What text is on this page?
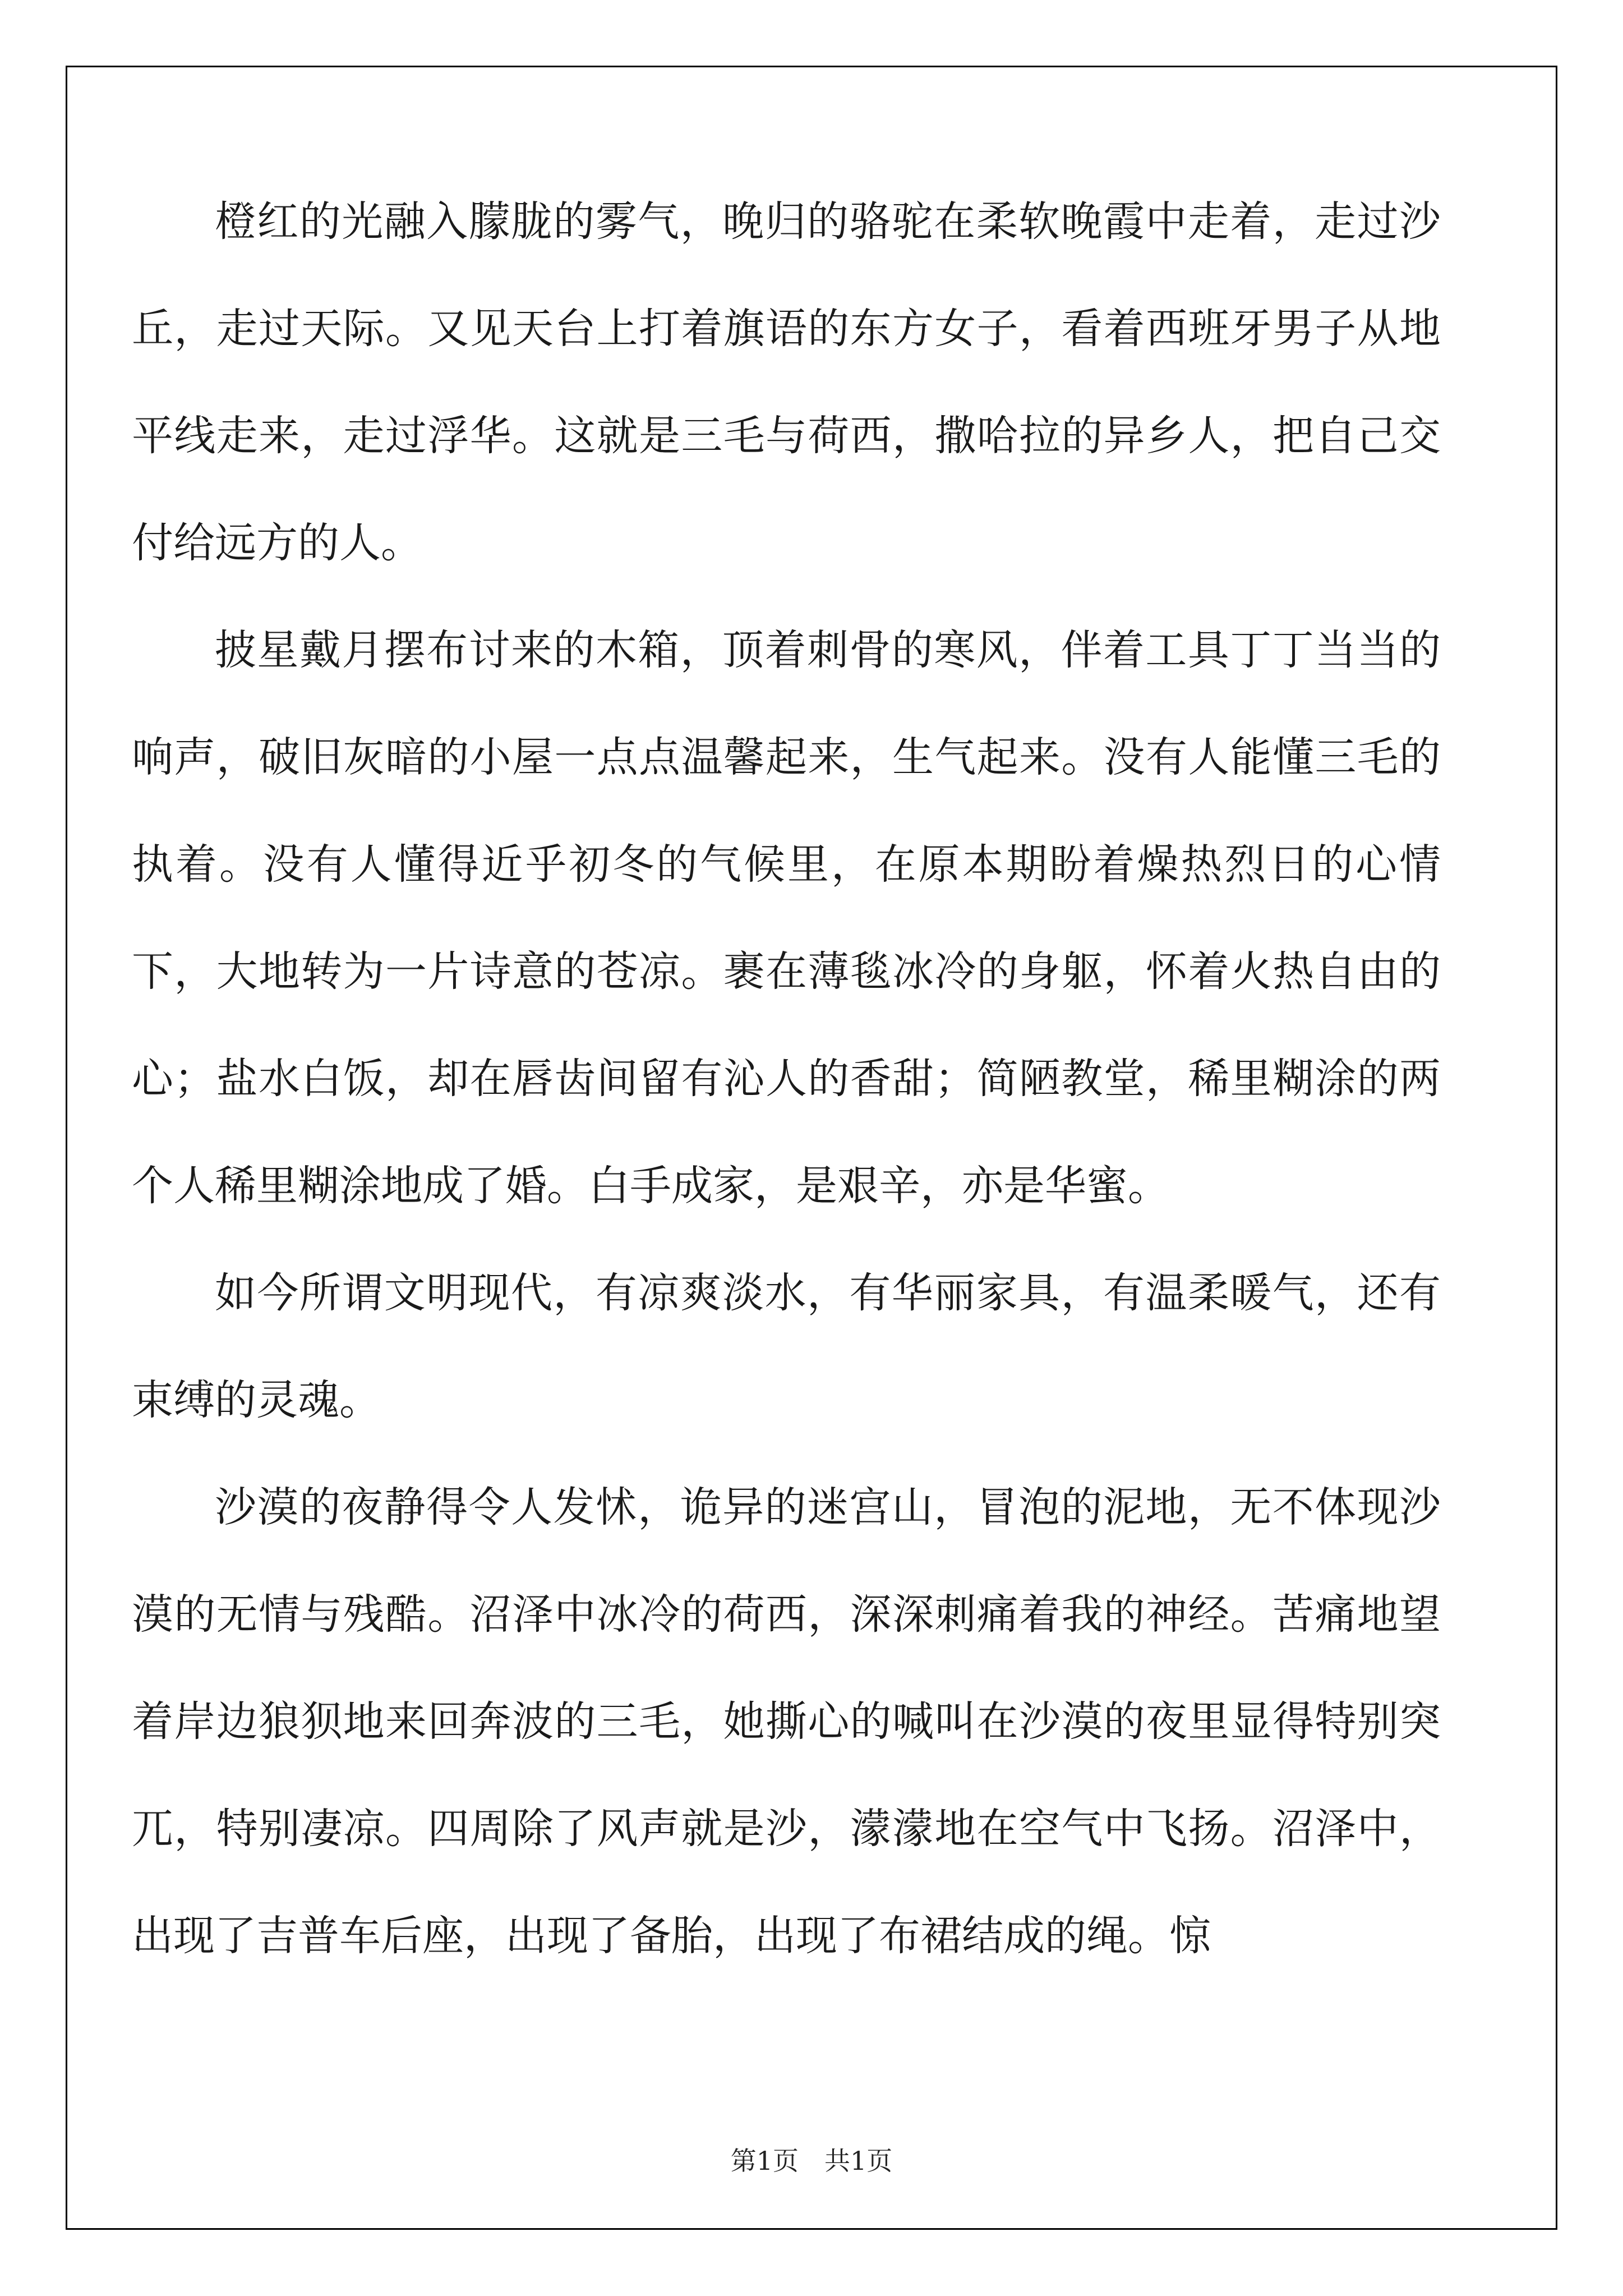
橙红的光融入朦胧的雾气，晚归的骆驼在柔软晚霞中走着，走过沙丘，走过天际。又见天台上打着旗语的东方女子，看着西班牙男子从地平线走来，走过浮华。这就是三毛与荷西，撒哈拉的异乡人，把自己交付给远方的人。

披星戴月摆布讨来的木箱，顶着刺骨的寒风，伴着工具丁丁当当的响声，破旧灰暗的小屋一点点温馨起来，生气起来。没有人能懂三毛的执着。没有人懂得近乎初冬的气候里，在原本期盼着燥热烈日的心情下，大地转为一片诗意的苍凉。裹在薄毯冰冷的身躯，怀着火热自由的心；盐水白饭，却在唇齿间留有沁人的香甜；简陋教堂，稀里糊涂的两个人稀里糊涂地成了婚。白手成家，是艰辛，亦是华蜜。

如今所谓文明现代，有凉爽淡水，有华丽家具，有温柔暖气，还有束缚的灵魂。

沙漠的夜静得令人发怵，诡异的迷宫山，冒泡的泥地，无不体现沙漠的无情与残酷。沼泽中冰冷的荷西，深深刺痛着我的神经。苦痛地望着岸边狼狈地来回奔波的三毛，她撕心的喊叫在沙漠的夜里显得特别突兀，特别凄凉。四周除了风声就是沙，濛濛地在空气中飞扬。沼泽中，出现了吉普车后座，出现了备胎，出现了布裙结成的绳。惊

第1页　共1页
